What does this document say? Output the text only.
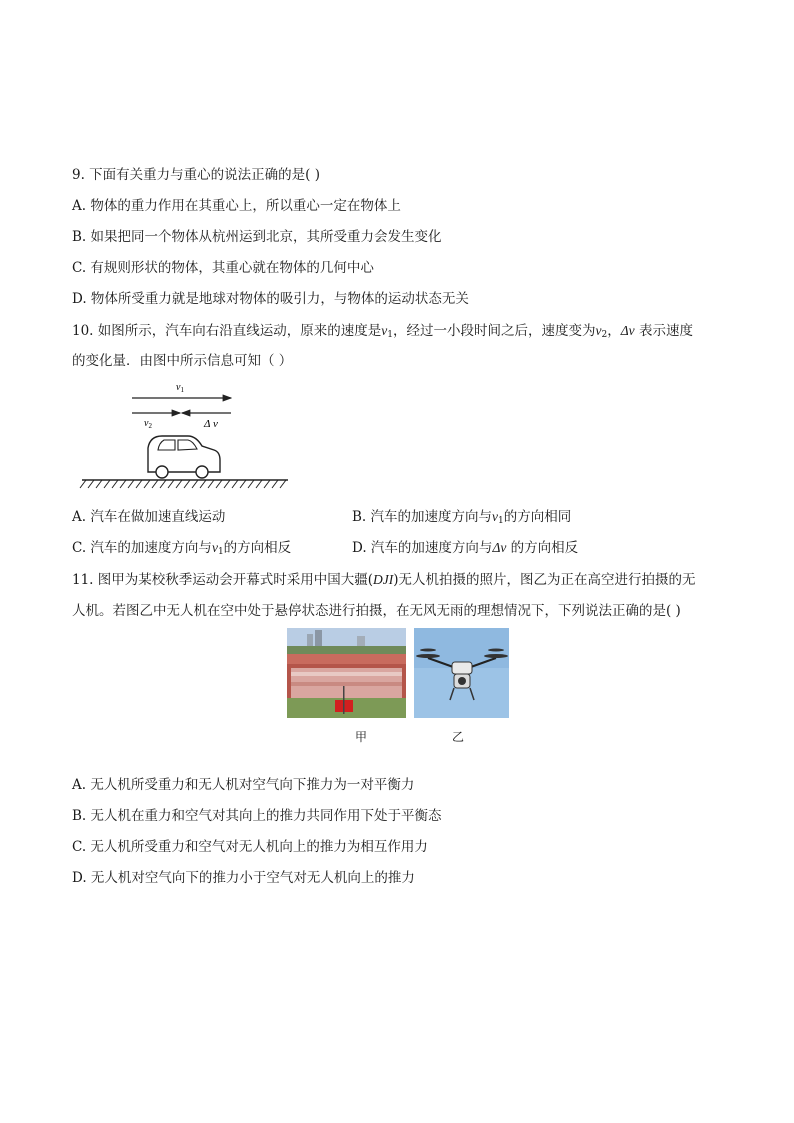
9. 下面有关重力与重心的说法正确的是( )
A. 物体的重力作用在其重心上，所以重心一定在物体上
B. 如果把同一个物体从杭州运到北京，其所受重力会发生变化
C. 有规则形状的物体，其重心就在物体的几何中心
D. 物体所受重力就是地球对物体的吸引力，与物体的运动状态无关
10. 如图所示，汽车向右沿直线运动，原来的速度是$v_1$，经过一小段时间之后，速度变为$v_2$，Δv 表示速度
的变化量．由图中所示信息可知（ ）
$v_1$
$v_2$	Δ v
A. 汽车在做加速直线运动	B. 汽车的加速度方向与$v_1$的方向相同
C. 汽车的加速度方向与$v_1$的方向相反	D. 汽车的加速度方向与Δv 的方向相反
11. 图甲为某校秋季运动会开幕式时采用中国大疆(DJI)无人机拍摄的照片，图乙为正在高空进行拍摄的无
人机。若图乙中无人机在空中处于悬停状态进行拍摄，在无风无雨的理想情况下，下列说法正确的是( )
甲	乙
A. 无人机所受重力和无人机对空气向下推力为一对平衡力
B. 无人机在重力和空气对其向上的推力共同作用下处于平衡态
C. 无人机所受重力和空气对无人机向上的推力为相互作用力
D. 无人机对空气向下的推力小于空气对无人机向上的推力
